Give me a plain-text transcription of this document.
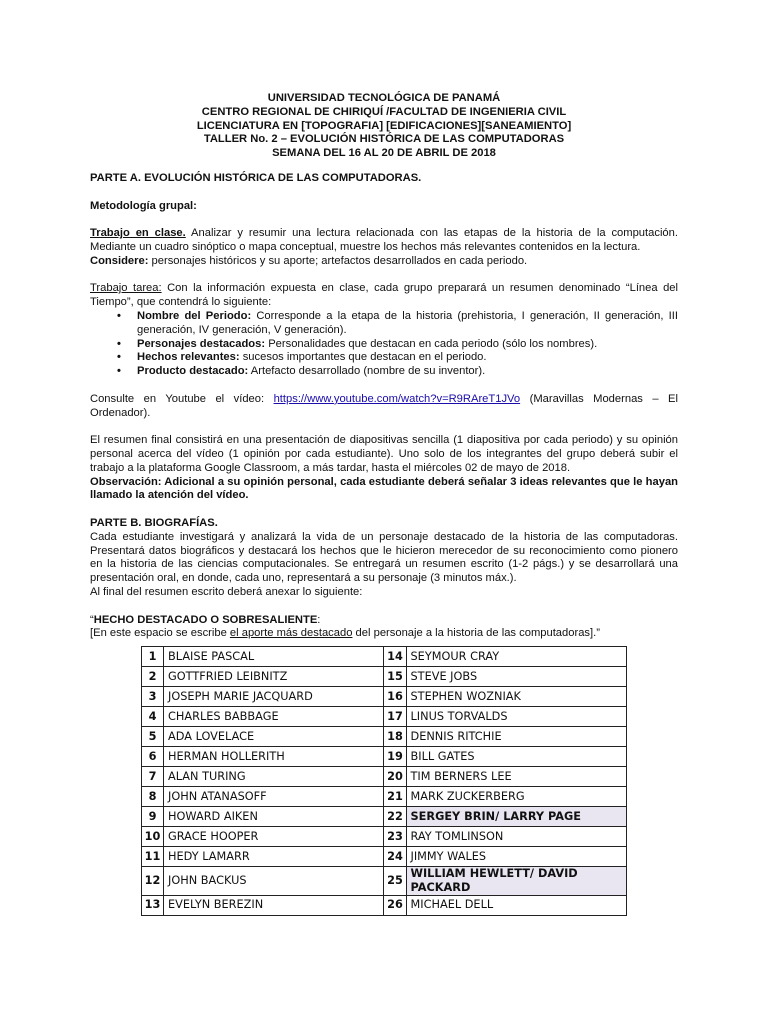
UNIVERSIDAD TECNOLÓGICA DE PANAMÁ
CENTRO REGIONAL DE CHIRIQUÍ /FACULTAD DE INGENIERIA CIVIL
LICENCIATURA EN [TOPOGRAFIA] [EDIFICACIONES][SANEAMIENTO]
TALLER No. 2 – EVOLUCIÓN HISTÓRICA DE LAS COMPUTADORAS
SEMANA DEL 16 AL 20 DE ABRIL DE 2018

PARTE A. EVOLUCIÓN HISTÓRICA DE LAS COMPUTADORAS.

Metodología grupal:

Trabajo en clase. Analizar y resumir una lectura relacionada con las etapas de la historia de la computación. Mediante un cuadro sinóptico o mapa conceptual, muestre los hechos más relevantes contenidos en la lectura.

Considere: personajes históricos y su aporte; artefactos desarrollados en cada periodo.

Trabajo tarea: Con la información expuesta en clase, cada grupo preparará un resumen denominado “Línea del Tiempo”, que contendrá lo siguiente:

• Nombre del Periodo: Corresponde a la etapa de la historia (prehistoria, I generación, II generación, III generación, IV generación, V generación).
• Personajes destacados: Personalidades que destacan en cada periodo (sólo los nombres).
• Hechos relevantes: sucesos importantes que destacan en el periodo.
• Producto destacado: Artefacto desarrollado (nombre de su inventor).

Consulte en Youtube el vídeo: https://www.youtube.com/watch?v=R9RAreT1JVo (Maravillas Modernas – El Ordenador).

El resumen final consistirá en una presentación de diapositivas sencilla (1 diapositiva por cada periodo) y su opinión personal acerca del vídeo (1 opinión por cada estudiante). Uno solo de los integrantes del grupo deberá subir el trabajo a la plataforma Google Classroom, a más tardar, hasta el miércoles 02 de mayo de 2018.

Observación: Adicional a su opinión personal, cada estudiante deberá señalar 3 ideas relevantes que le hayan llamado la atención del vídeo.

PARTE B. BIOGRAFÍAS.

Cada estudiante investigará y analizará la vida de un personaje destacado de la historia de las computadoras. Presentará datos biográficos y destacará los hechos que le hicieron merecedor de su reconocimiento como pionero en la historia de las ciencias computacionales. Se entregará un resumen escrito (1-2 págs.) y se desarrollará una presentación oral, en donde, cada uno, representará a su personaje (3 minutos máx.).

Al final del resumen escrito deberá anexar lo siguiente:

“HECHO DESTACADO O SOBRESALIENTE:

[En este espacio se escribe el aporte más destacado del personaje a la historia de las computadoras].”

1	BLAISE PASCAL	14	SEYMOUR CRAY
2	GOTTFRIED LEIBNITZ	15	STEVE JOBS
3	JOSEPH MARIE JACQUARD	16	STEPHEN WOZNIAK
4	CHARLES BABBAGE	17	LINUS TORVALDS
5	ADA LOVELACE	18	DENNIS RITCHIE
6	HERMAN HOLLERITH	19	BILL GATES
7	ALAN TURING	20	TIM BERNERS LEE
8	JOHN ATANASOFF	21	MARK ZUCKERBERG
9	HOWARD AIKEN	22	SERGEY BRIN/ LARRY PAGE
10	GRACE HOOPER	23	RAY TOMLINSON
11	HEDY LAMARR	24	JIMMY WALES
12	JOHN BACKUS	25	WILLIAM HEWLETT/ DAVID PACKARD
13	EVELYN BEREZIN	26	MICHAEL DELL
